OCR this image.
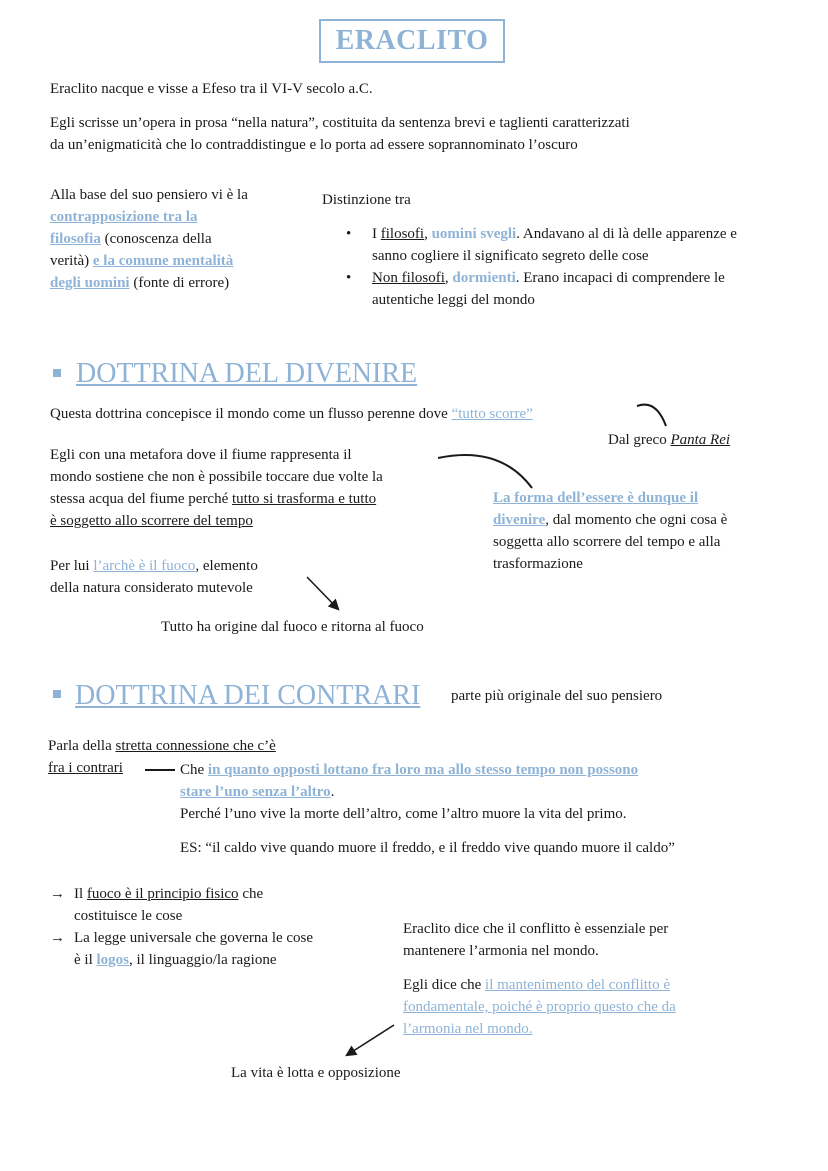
ERACLITO
Eraclito nacque e visse a Efeso tra il VI-V secolo a.C.
Egli scrisse un’opera in prosa “nella natura”, costituita da sentenza brevi e taglienti caratterizzati
da un’enigmaticità che lo contraddistingue e lo porta ad essere soprannominato l’oscuro
Alla base del suo pensiero vi è la
contrapposizione tra la
filosofia (conoscenza della
verità) e la comune mentalità
degli uomini (fonte di errore)
Distinzione tra
• I filosofi, uomini svegli. Andavano al di là delle apparenze e sanno cogliere il significato segreto delle cose
• Non filosofi, dormienti. Erano incapaci di comprendere le autentiche leggi del mondo
DOTTRINA DEL DIVENIRE
Questa dottrina concepisce il mondo come un flusso perenne dove “tutto scorre”
Dal greco Panta Rei
Egli con una metafora dove il fiume rappresenta il
mondo sostiene che non è possibile toccare due volte la
stessa acqua del fiume perché tutto si trasforma e tutto
è soggetto allo scorrere del tempo
La forma dell’essere è dunque il
divenire, dal momento che ogni cosa è
soggetta allo scorrere del tempo e alla
trasformazione
Per lui l’archè è il fuoco, elemento
della natura considerato mutevole
Tutto ha origine dal fuoco e ritorna al fuoco
DOTTRINA DEI CONTRARI parte più originale del suo pensiero
Parla della stretta connessione che c’è
fra i contrari	Che in quanto opposti lottano fra loro ma allo stesso tempo non possono
stare l’uno senza l’altro.
Perché l’uno vive la morte dell’altro, come l’altro muore la vita del primo.
ES: “il caldo vive quando muore il freddo, e il freddo vive quando muore il caldo”
→ Il fuoco è il principio fisico che
costituisce le cose
→ La legge universale che governa le cose
è il logos, il linguaggio/la ragione
Eraclito dice che il conflitto è essenziale per
mantenere l’armonia nel mondo.
Egli dice che il mantenimento del conflitto è
fondamentale, poiché è proprio questo che da
l’armonia nel mondo.
La vita è lotta e opposizione
